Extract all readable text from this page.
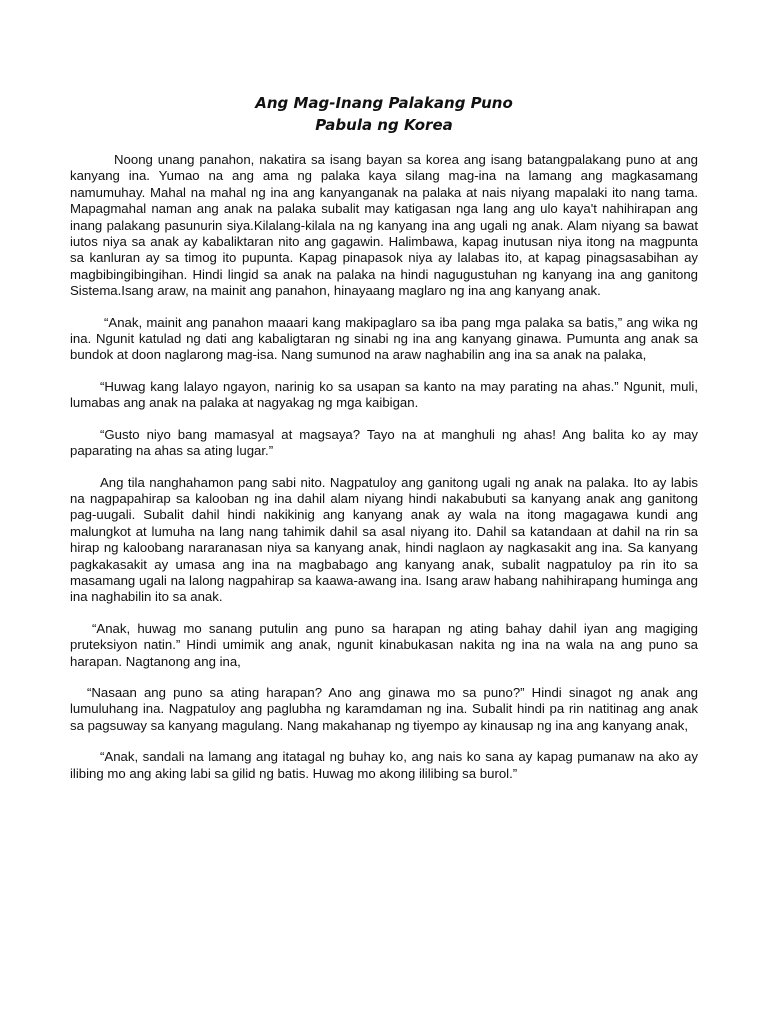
Ang Mag-Inang Palakang Puno
Pabula ng Korea

Noong unang panahon, nakatira sa isang bayan sa korea ang isang batangpalakang puno at ang kanyang ina. Yumao na ang ama ng palaka kaya silang mag-ina na lamang ang magkasamang namumuhay. Mahal na mahal ng ina ang kanyanganak na palaka at nais niyang mapalaki ito nang tama. Mapagmahal naman ang anak na palaka subalit may katigasan nga lang ang ulo kaya't nahihirapan ang inang palakang pasunurin siya.Kilalang-kilala na ng kanyang ina ang ugali ng anak. Alam niyang sa bawat iutos niya sa anak ay kabaliktaran nito ang gagawin. Halimbawa, kapag inutusan niya itong na magpunta sa kanluran ay sa timog ito pupunta. Kapag pinapasok niya ay lalabas ito, at kapag pinagsasabihan ay magbibingibingihan. Hindi lingid sa anak na palaka na hindi nagugustuhan ng kanyang ina ang ganitong Sistema.Isang araw, na mainit ang panahon, hinayaang maglaro ng ina ang kanyang anak.

“Anak, mainit ang panahon maaari kang makipaglaro sa iba pang mga palaka sa batis,” ang wika ng ina. Ngunit katulad ng dati ang kabaligtaran ng sinabi ng ina ang kanyang ginawa. Pumunta ang anak sa bundok at doon naglarong mag-isa. Nang sumunod na araw naghabilin ang ina sa anak na palaka,

“Huwag kang lalayo ngayon, narinig ko sa usapan sa kanto na may parating na ahas.” Ngunit, muli, lumabas ang anak na palaka at nagyakag ng mga kaibigan.

“Gusto niyo bang mamasyal at magsaya? Tayo na at manghuli ng ahas! Ang balita ko ay may paparating na ahas sa ating lugar.”

Ang tila nanghahamon pang sabi nito. Nagpatuloy ang ganitong ugali ng anak na palaka. Ito ay labis na nagpapahirap sa kalooban ng ina dahil alam niyang hindi nakabubuti sa kanyang anak ang ganitong pag-uugali. Subalit dahil hindi nakikinig ang kanyang anak ay wala na itong magagawa kundi ang malungkot at lumuha na lang nang tahimik dahil sa asal niyang ito. Dahil sa katandaan at dahil na rin sa hirap ng kaloobang nararanasan niya sa kanyang anak, hindi naglaon ay nagkasakit ang ina. Sa kanyang pagkakasakit ay umasa ang ina na magbabago ang kanyang anak, subalit nagpatuloy pa rin ito sa masamang ugali na lalong nagpahirap sa kaawa-awang ina. Isang araw habang nahihirapang huminga ang ina naghabilin ito sa anak.

“Anak, huwag mo sanang putulin ang puno sa harapan ng ating bahay dahil iyan ang magiging pruteksiyon natin.” Hindi umimik ang anak, ngunit kinabukasan nakita ng ina na wala na ang puno sa harapan. Nagtanong ang ina,

“Nasaan ang puno sa ating harapan? Ano ang ginawa mo sa puno?” Hindi sinagot ng anak ang lumuluhang ina. Nagpatuloy ang paglubha ng karamdaman ng ina. Subalit hindi pa rin natitinag ang anak sa pagsuway sa kanyang magulang. Nang makahanap ng tiyempo ay kinausap ng ina ang kanyang anak,

“Anak, sandali na lamang ang itatagal ng buhay ko, ang nais ko sana ay kapag pumanaw na ako ay ilibing mo ang aking labi sa gilid ng batis. Huwag mo akong ililibing sa burol.”
